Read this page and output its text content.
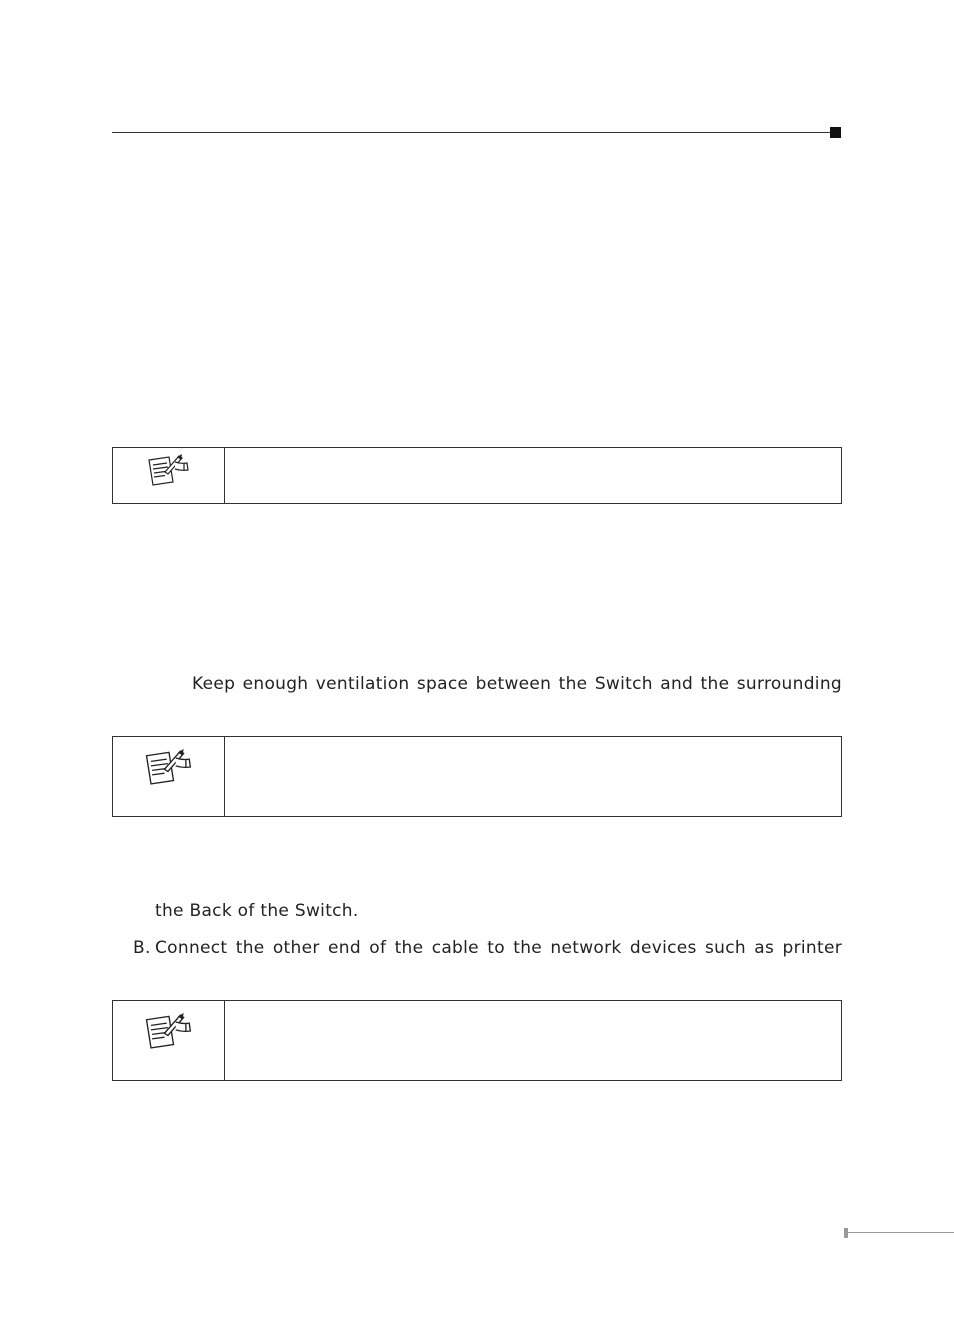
Keep enough ventilation space between the Switch and the surrounding
the Back of the Switch.
B. Connect the other end of the cable to the network devices such as printer
